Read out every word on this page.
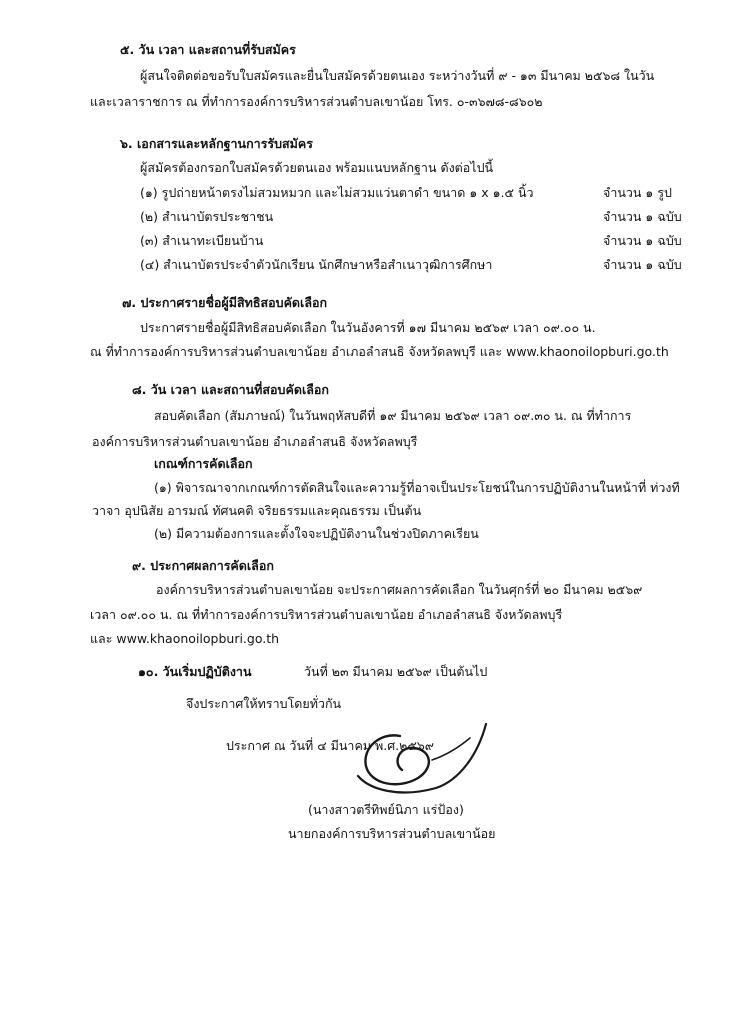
๕. วัน เวลา และสถานที่รับสมัคร
ผู้สนใจติดต่อขอรับใบสมัครและยื่นใบสมัครด้วยตนเอง ระหว่างวันที่ ๙ - ๑๓ มีนาคม ๒๕๖๘ ในวัน
และเวลาราชการ ณ ที่ทำการองค์การบริหารส่วนตำบลเขาน้อย โทร. ๐-๓๖๗๘-๘๖๐๒
๖. เอกสารและหลักฐานการรับสมัคร
ผู้สมัครต้องกรอกใบสมัครด้วยตนเอง พร้อมแนบหลักฐาน ดังต่อไปนี้
(๑) รูปถ่ายหน้าตรงไม่สวมหมวก และไม่สวมแว่นตาดำ ขนาด ๑ x ๑.๕ นิ้ว	จำนวน ๑ รูป
(๒) สำเนาบัตรประชาชน	จำนวน ๑ ฉบับ
(๓) สำเนาทะเบียนบ้าน	จำนวน ๑ ฉบับ
(๔) สำเนาบัตรประจำตัวนักเรียน นักศึกษาหรือสำเนาวุฒิการศึกษา	จำนวน ๑ ฉบับ
๗. ประกาศรายชื่อผู้มีสิทธิสอบคัดเลือก
ประกาศรายชื่อผู้มีสิทธิสอบคัดเลือก ในวันอังคารที่ ๑๗ มีนาคม ๒๕๖๙ เวลา ๐๙.๐๐ น.
ณ ที่ทำการองค์การบริหารส่วนตำบลเขาน้อย อำเภอลำสนธิ จังหวัดลพบุรี และ www.khaonoilopburi.go.th
๘. วัน เวลา และสถานที่สอบคัดเลือก
สอบคัดเลือก (สัมภาษณ์) ในวันพฤหัสบดีที่ ๑๙ มีนาคม ๒๕๖๙ เวลา ๐๙.๓๐ น. ณ ที่ทำการ
องค์การบริหารส่วนตำบลเขาน้อย อำเภอลำสนธิ จังหวัดลพบุรี
เกณฑ์การคัดเลือก
(๑) พิจารณาจากเกณฑ์การตัดสินใจและความรู้ที่อาจเป็นประโยชน์ในการปฏิบัติงานในหน้าที่ ท่วงที
วาจา อุปนิสัย อารมณ์ ทัศนคติ จริยธรรมและคุณธรรม เป็นต้น
(๒) มีความต้องการและตั้งใจจะปฏิบัติงานในช่วงปิดภาคเรียน
๙. ประกาศผลการคัดเลือก
องค์การบริหารส่วนตำบลเขาน้อย จะประกาศผลการคัดเลือก ในวันศุกร์ที่ ๒๐ มีนาคม ๒๕๖๙
เวลา ๐๙.๐๐ น. ณ ที่ทำการองค์การบริหารส่วนตำบลเขาน้อย อำเภอลำสนธิ จังหวัดลพบุรี
และ www.khaonoilopburi.go.th
๑๐. วันเริ่มปฏิบัติงาน	วันที่ ๒๓ มีนาคม ๒๕๖๙ เป็นต้นไป
จึงประกาศให้ทราบโดยทั่วกัน
ประกาศ ณ วันที่ ๔ มีนาคม พ.ศ.๒๕๖๙
(นางสาวตรีทิพย์นิภา แร่ป้อง)
นายกองค์การบริหารส่วนตำบลเขาน้อย
